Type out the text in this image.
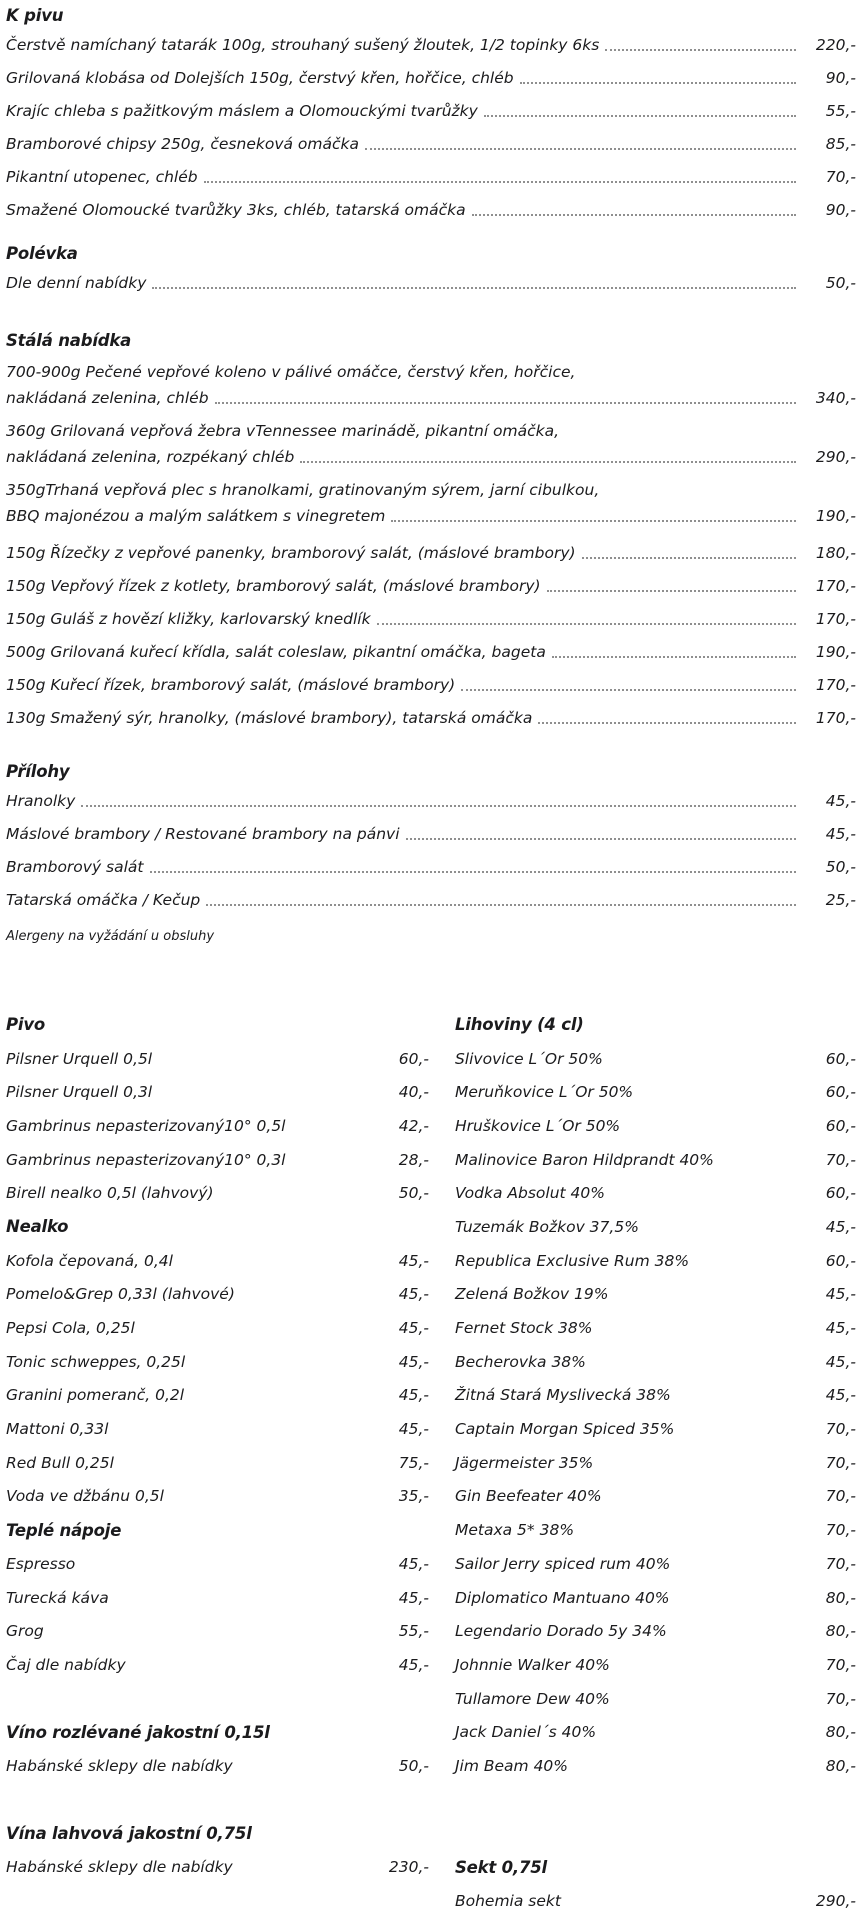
K pivu
Čerstvě namíchaný tatarák 100g, strouhaný sušený žloutek, 1/2 topinky 6ks	220,-
Grilovaná klobása od Dolejších 150g, čerstvý křen, hořčice, chléb	90,-
Krajíc chleba s pažitkovým máslem a Olomouckými tvarůžky	55,-
Bramborové chipsy 250g, česneková omáčka	85,-
Pikantní utopenec, chléb	70,-
Smažené Olomoucké tvarůžky 3ks, chléb, tatarská omáčka	90,-
Polévka
Dle denní nabídky	50,-
Stálá nabídka
700-900g Pečené vepřové koleno v pálivé omáčce, čerstvý křen, hořčice,
nakládaná zelenina, chléb	340,-
360g Grilovaná vepřová žebra vTennessee marinádě, pikantní omáčka,
nakládaná zelenina, rozpékaný chléb	290,-
350gTrhaná vepřová plec s hranolkami, gratinovaným sýrem, jarní cibulkou,
BBQ majonézou a malým salátkem s vinegretem	190,-
150g Řízečky z vepřové panenky, bramborový salát, (máslové brambory)	180,-
150g Vepřový řízek z kotlety, bramborový salát, (máslové brambory)	170,-
150g Guláš z hovězí kližky, karlovarský knedlík	170,-
500g Grilovaná kuřecí křídla, salát coleslaw, pikantní omáčka, bageta	190,-
150g Kuřecí řízek, bramborový salát, (máslové brambory)	170,-
130g Smažený sýr, hranolky, (máslové brambory), tatarská omáčka	170,-
Přílohy
Hranolky	45,-
Máslové brambory / Restované brambory na pánvi	45,-
Bramborový salát	50,-
Tatarská omáčka / Kečup	25,-
Alergeny na vyžádání u obsluhy
Pivo
Pilsner Urquell 0,5l	60,-
Pilsner Urquell 0,3l	40,-
Gambrinus nepasterizovaný10° 0,5l	42,-
Gambrinus nepasterizovaný10° 0,3l	28,-
Birell nealko 0,5l (lahvový)	50,-
Nealko
Kofola čepovaná, 0,4l	45,-
Pomelo&Grep 0,33l (lahvové)	45,-
Pepsi Cola, 0,25l	45,-
Tonic schweppes, 0,25l	45,-
Granini pomeranč, 0,2l	45,-
Mattoni 0,33l	45,-
Red Bull 0,25l	75,-
Voda ve džbánu 0,5l	35,-
Teplé nápoje
Espresso	45,-
Turecká káva	45,-
Grog	55,-
Čaj dle nabídky	45,-
Víno rozlévané jakostní 0,15l
Habánské sklepy dle nabídky	50,-
Vína lahvová jakostní 0,75l
Habánské sklepy dle nabídky	230,-
Lihoviny (4 cl)
Slivovice L´Or 50%	60,-
Meruňkovice L´Or 50%	60,-
Hruškovice L´Or 50%	60,-
Malinovice Baron Hildprandt 40%	70,-
Vodka Absolut 40%	60,-
Tuzemák Božkov 37,5%	45,-
Republica Exclusive Rum 38%	60,-
Zelená Božkov 19%	45,-
Fernet Stock 38%	45,-
Becherovka 38%	45,-
Žitná Stará Myslivecká 38%	45,-
Captain Morgan Spiced 35%	70,-
Jägermeister 35%	70,-
Gin Beefeater 40%	70,-
Metaxa 5* 38%	70,-
Sailor Jerry spiced rum 40%	70,-
Diplomatico Mantuano 40%	80,-
Legendario Dorado 5y 34%	80,-
Johnnie Walker 40%	70,-
Tullamore Dew 40%	70,-
Jack Daniel´s 40%	80,-
Jim Beam 40%	80,-
Sekt 0,75l
Bohemia sekt	290,-
